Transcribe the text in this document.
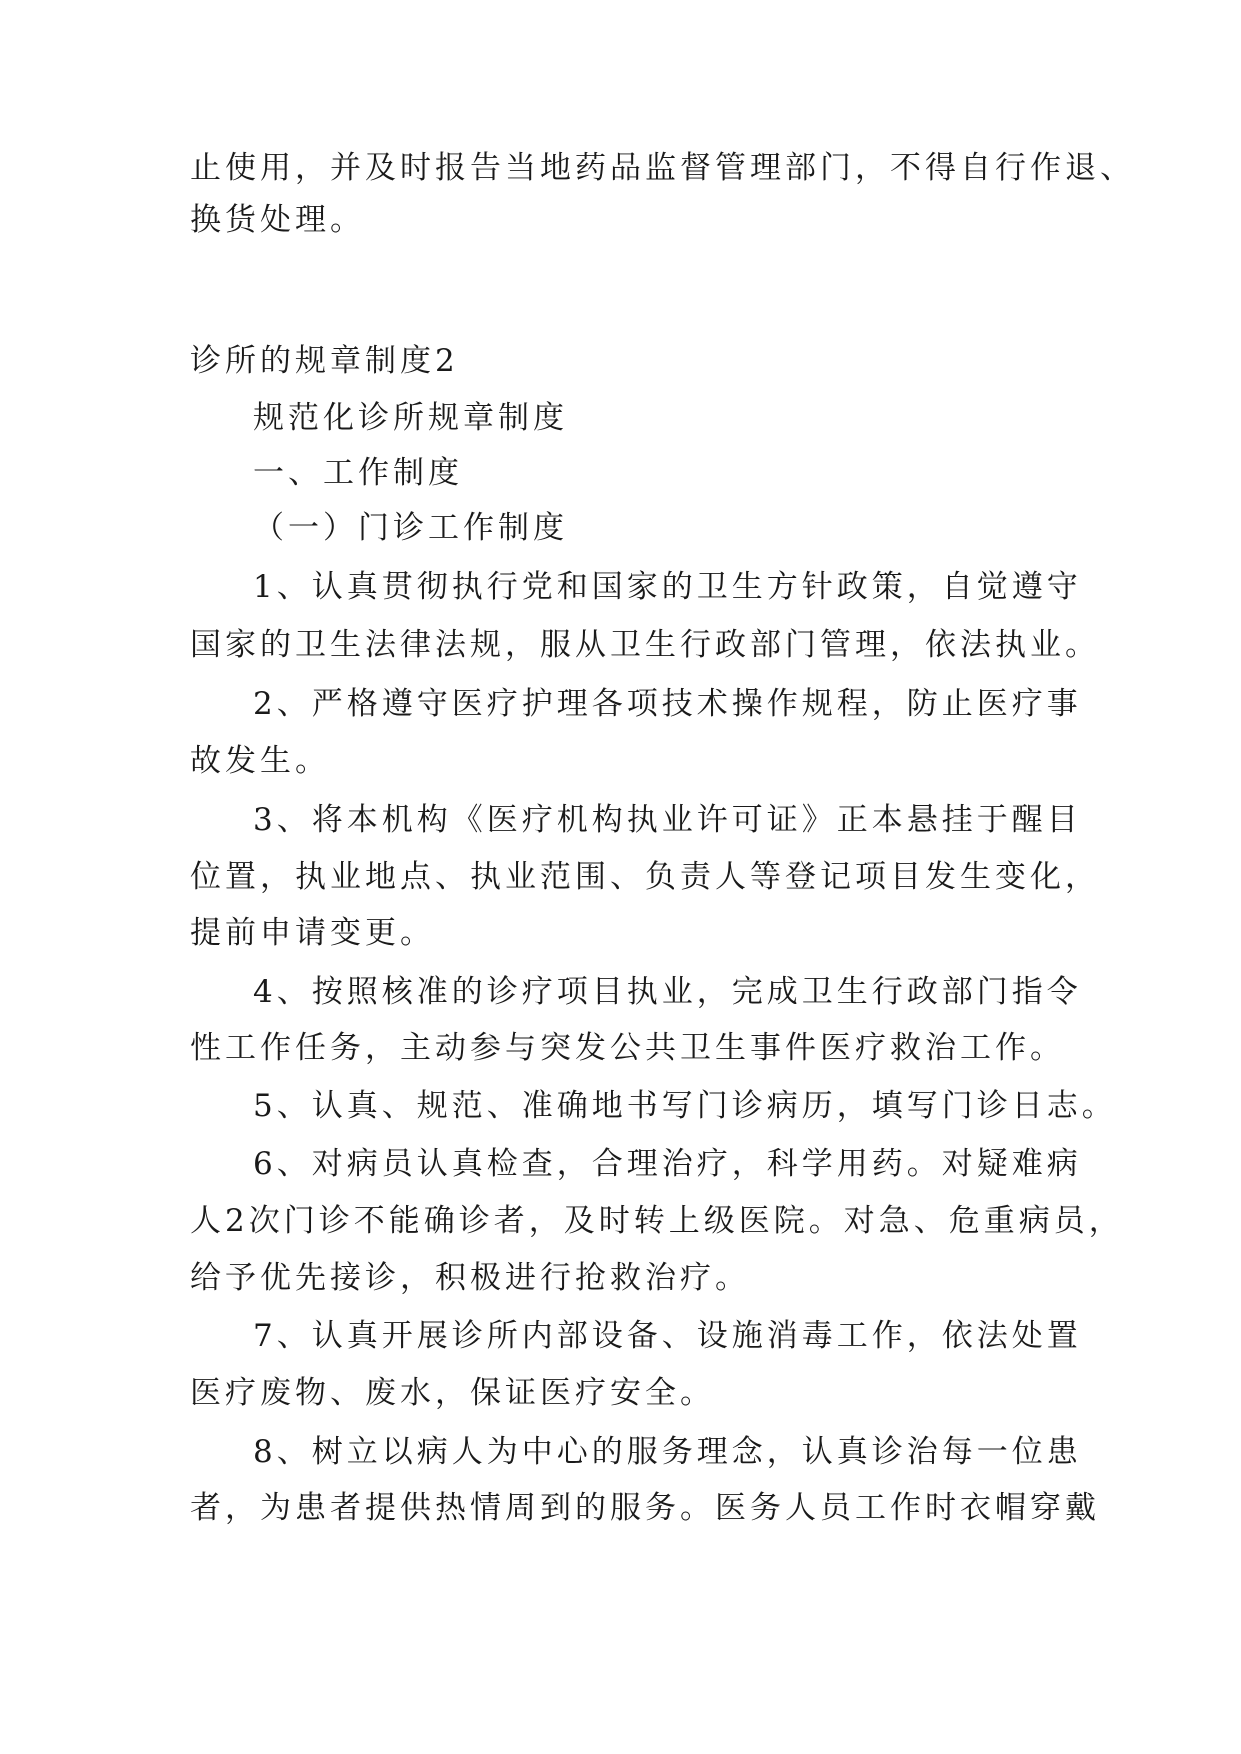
止使用，并及时报告当地药品监督管理部门，不得自行作退、
换货处理。
诊所的规章制度2
规范化诊所规章制度
一、工作制度
（一）门诊工作制度
1、认真贯彻执行党和国家的卫生方针政策，自觉遵守
国家的卫生法律法规，服从卫生行政部门管理，依法执业。
2、严格遵守医疗护理各项技术操作规程，防止医疗事
故发生。
3、将本机构《医疗机构执业许可证》正本悬挂于醒目
位置，执业地点、执业范围、负责人等登记项目发生变化，
提前申请变更。
4、按照核准的诊疗项目执业，完成卫生行政部门指令
性工作任务，主动参与突发公共卫生事件医疗救治工作。
5、认真、规范、准确地书写门诊病历，填写门诊日志。
6、对病员认真检查，合理治疗，科学用药。对疑难病
人2次门诊不能确诊者，及时转上级医院。对急、危重病员，
给予优先接诊，积极进行抢救治疗。
7、认真开展诊所内部设备、设施消毒工作，依法处置
医疗废物、废水，保证医疗安全。
8、树立以病人为中心的服务理念，认真诊治每一位患
者，为患者提供热情周到的服务。医务人员工作时衣帽穿戴
